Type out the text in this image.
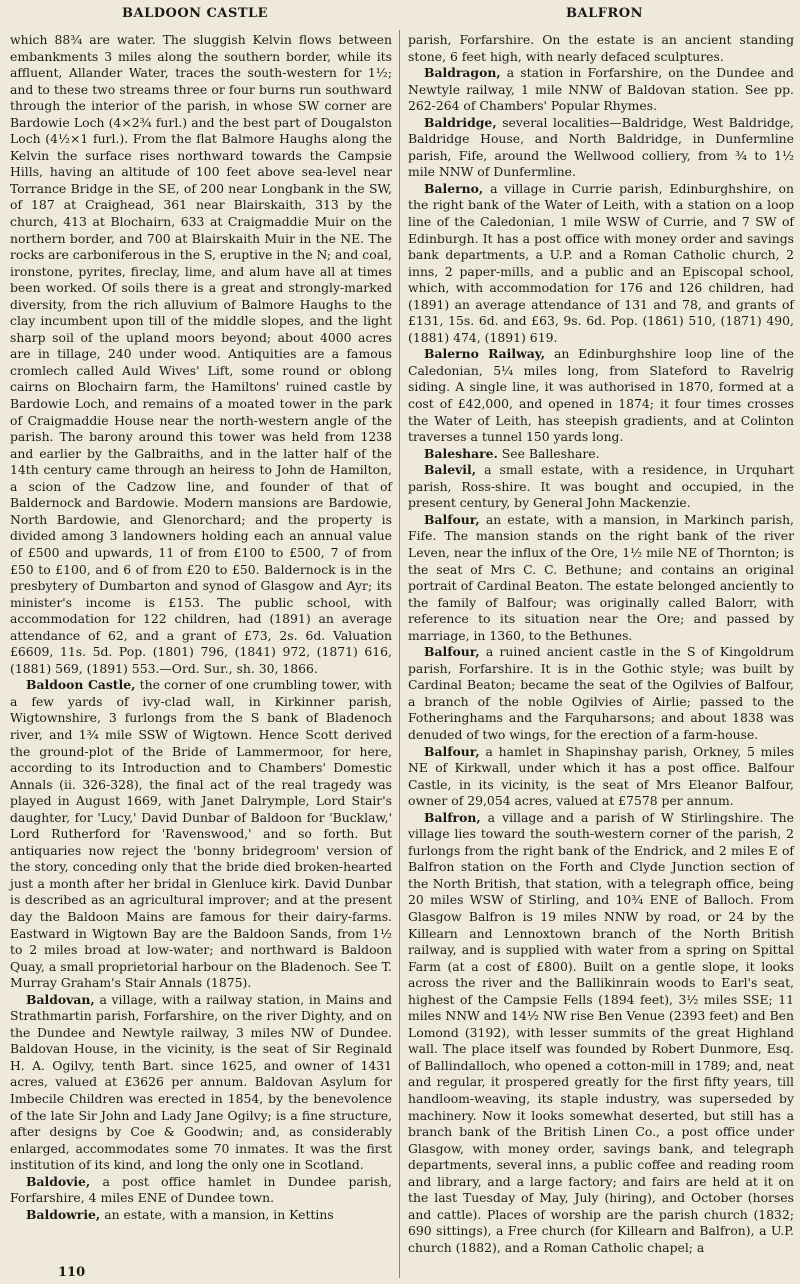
BALDOON CASTLE	BALFRON

which 88¾ are water. The sluggish Kelvin flows between embankments 3 miles along the southern border, while its affluent, Allander Water, traces the south-western for 1½; and to these two streams three or four burns run southward through the interior of the parish, in whose SW corner are Bardowie Loch (4×2¾ furl.) and the best part of Dougalston Loch (4½×1 furl.). From the flat Balmore Haughs along the Kelvin the surface rises northward towards the Campsie Hills, having an altitude of 100 feet above sea-level near Torrance Bridge in the SE, of 200 near Longbank in the SW, of 187 at Craighead, 361 near Blairskaith, 313 by the church, 413 at Blochairn, 633 at Craigmaddie Muir on the northern border, and 700 at Blairskaith Muir in the NE. The rocks are carboniferous in the S, eruptive in the N; and coal, ironstone, pyrites, fireclay, lime, and alum have all at times been worked. Of soils there is a great and strongly-marked diversity, from the rich alluvium of Balmore Haughs to the clay incumbent upon till of the middle slopes, and the light sharp soil of the upland moors beyond; about 4000 acres are in tillage, 240 under wood. Antiquities are a famous cromlech called Auld Wives' Lift, some round or oblong cairns on Blochairn farm, the Hamiltons' ruined castle by Bardowie Loch, and remains of a moated tower in the park of Craigmaddie House near the north-western angle of the parish. The barony around this tower was held from 1238 and earlier by the Galbraiths, and in the latter half of the 14th century came through an heiress to John de Hamilton, a scion of the Cadzow line, and founder of that of Baldernock and Bardowie. Modern mansions are Bardowie, North Bardowie, and Glenorchard; and the property is divided among 3 landowners holding each an annual value of £500 and upwards, 11 of from £100 to £500, 7 of from £50 to £100, and 6 of from £20 to £50. Baldernock is in the presbytery of Dumbarton and synod of Glasgow and Ayr; its minister's income is £153. The public school, with accommodation for 122 children, had (1891) an average attendance of 62, and a grant of £73, 2s. 6d. Valuation £6609, 11s. 5d. Pop. (1801) 796, (1841) 972, (1871) 616, (1881) 569, (1891) 553.—Ord. Sur., sh. 30, 1866.

Baldoon Castle, the corner of one crumbling tower, with a few yards of ivy-clad wall, in Kirkinner parish, Wigtownshire, 3 furlongs from the S bank of Bladenoch river, and 1¾ mile SSW of Wigtown. Hence Scott derived the ground-plot of the Bride of Lammermoor, for here, according to its Introduction and to Chambers' Domestic Annals (ii. 326-328), the final act of the real tragedy was played in August 1669, with Janet Dalrymple, Lord Stair's daughter, for 'Lucy,' David Dunbar of Baldoon for 'Bucklaw,' Lord Rutherford for 'Ravenswood,' and so forth. But antiquaries now reject the 'bonny bridegroom' version of the story, conceding only that the bride died broken-hearted just a month after her bridal in Glenluce kirk. David Dunbar is described as an agricultural improver; and at the present day the Baldoon Mains are famous for their dairy-farms. Eastward in Wigtown Bay are the Baldoon Sands, from 1½ to 2 miles broad at low-water; and northward is Baldoon Quay, a small proprietorial harbour on the Bladenoch. See T. Murray Graham's Stair Annals (1875).

Baldovan, a village, with a railway station, in Mains and Strathmartin parish, Forfarshire, on the river Dighty, and on the Dundee and Newtyle railway, 3 miles NW of Dundee. Baldovan House, in the vicinity, is the seat of Sir Reginald H. A. Ogilvy, tenth Bart. since 1625, and owner of 1431 acres, valued at £3626 per annum. Baldovan Asylum for Imbecile Children was erected in 1854, by the benevolence of the late Sir John and Lady Jane Ogilvy; is a fine structure, after designs by Coe & Goodwin; and, as considerably enlarged, accommodates some 70 inmates. It was the first institution of its kind, and long the only one in Scotland.

Baldovie, a post office hamlet in Dundee parish, Forfarshire, 4 miles ENE of Dundee town.

Baldowrie, an estate, with a mansion, in Kettins

parish, Forfarshire. On the estate is an ancient standing stone, 6 feet high, with nearly defaced sculptures.

Baldragon, a station in Forfarshire, on the Dundee and Newtyle railway, 1 mile NNW of Baldovan station. See pp. 262-264 of Chambers' Popular Rhymes.

Baldridge, several localities—Baldridge, West Baldridge, Baldridge House, and North Baldridge, in Dunfermline parish, Fife, around the Wellwood colliery, from ¾ to 1½ mile NNW of Dunfermline.

Balerno, a village in Currie parish, Edinburghshire, on the right bank of the Water of Leith, with a station on a loop line of the Caledonian, 1 mile WSW of Currie, and 7 SW of Edinburgh. It has a post office with money order and savings bank departments, a U.P. and a Roman Catholic church, 2 inns, 2 paper-mills, and a public and an Episcopal school, which, with accommodation for 176 and 126 children, had (1891) an average attendance of 131 and 78, and grants of £131, 15s. 6d. and £63, 9s. 6d. Pop. (1861) 510, (1871) 490, (1881) 474, (1891) 619.

Balerno Railway, an Edinburghshire loop line of the Caledonian, 5¼ miles long, from Slateford to Ravelrig siding. A single line, it was authorised in 1870, formed at a cost of £42,000, and opened in 1874; it four times crosses the Water of Leith, has steepish gradients, and at Colinton traverses a tunnel 150 yards long.

Baleshare. See Balleshare.

Balevil, a small estate, with a residence, in Urquhart parish, Ross-shire. It was bought and occupied, in the present century, by General John Mackenzie.

Balfour, an estate, with a mansion, in Markinch parish, Fife. The mansion stands on the right bank of the river Leven, near the influx of the Ore, 1½ mile NE of Thornton; is the seat of Mrs C. C. Bethune; and contains an original portrait of Cardinal Beaton. The estate belonged anciently to the family of Balfour; was originally called Balorr, with reference to its situation near the Ore; and passed by marriage, in 1360, to the Bethunes.

Balfour, a ruined ancient castle in the S of Kingoldrum parish, Forfarshire. It is in the Gothic style; was built by Cardinal Beaton; became the seat of the Ogilvies of Balfour, a branch of the noble Ogilvies of Airlie; passed to the Fotheringhams and the Farquharsons; and about 1838 was denuded of two wings, for the erection of a farm-house.

Balfour, a hamlet in Shapinshay parish, Orkney, 5 miles NE of Kirkwall, under which it has a post office. Balfour Castle, in its vicinity, is the seat of Mrs Eleanor Balfour, owner of 29,054 acres, valued at £7578 per annum.

Balfron, a village and a parish of W Stirlingshire. The village lies toward the south-western corner of the parish, 2 furlongs from the right bank of the Endrick, and 2 miles E of Balfron station on the Forth and Clyde Junction section of the North British, that station, with a telegraph office, being 20 miles WSW of Stirling, and 10¾ ENE of Balloch. From Glasgow Balfron is 19 miles NNW by road, or 24 by the Killearn and Lennoxtown branch of the North British railway, and is supplied with water from a spring on Spittal Farm (at a cost of £800). Built on a gentle slope, it looks across the river and the Ballikinrain woods to Earl's seat, highest of the Campsie Fells (1894 feet), 3½ miles SSE; 11 miles NNW and 14½ NW rise Ben Venue (2393 feet) and Ben Lomond (3192), with lesser summits of the great Highland wall. The place itself was founded by Robert Dunmore, Esq. of Ballindalloch, who opened a cotton-mill in 1789; and, neat and regular, it prospered greatly for the first fifty years, till handloom-weaving, its staple industry, was superseded by machinery. Now it looks somewhat deserted, but still has a branch bank of the British Linen Co., a post office under Glasgow, with money order, savings bank, and telegraph departments, several inns, a public coffee and reading room and library, and a large factory; and fairs are held at it on the last Tuesday of May, July (hiring), and October (horses and cattle). Places of worship are the parish church (1832; 690 sittings), a Free church (for Killearn and Balfron), a U.P. church (1882), and a Roman Catholic chapel; a

110
